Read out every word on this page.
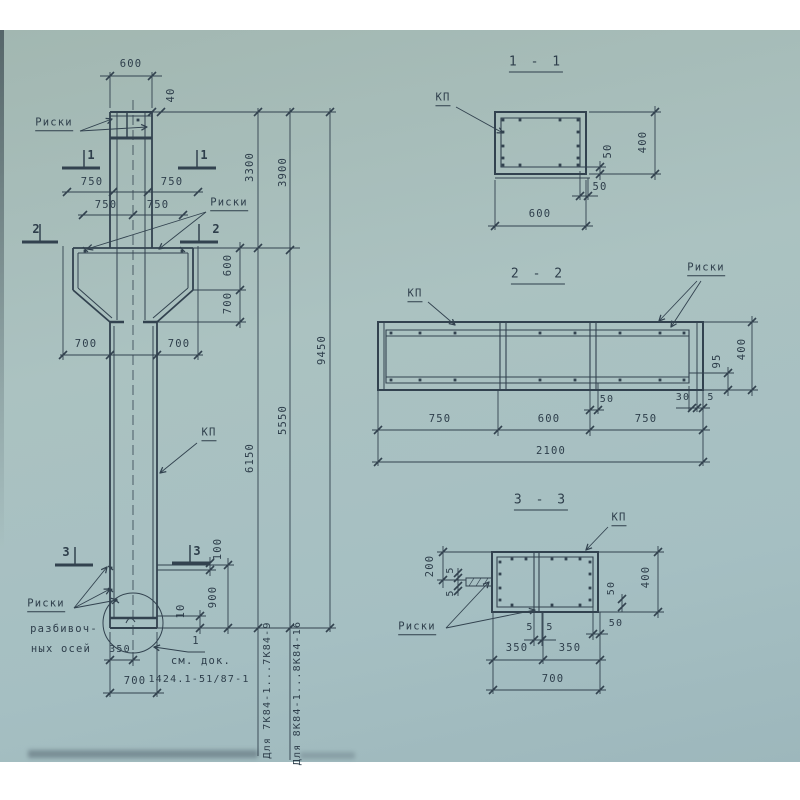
600
40
Риски
1	1
750	750
750	750	Риски
2	2
3300 3900
600
700
700	700
КП
9450
6150
5550
3	3 100
900
10
Риски
разбивоч-
ных осей 350
700
1
см. док.
1424.1-51/87-1 Для 7К84-1...7К84-9 Для 8К84-1...8К84-16
1 - 1
КП
50 400
50
600
2 - 2	Риски
КП
95
400
30 5
50
750	600	750
2100
3 - 3
КП
200 5
5
5 5
50 400
50
Риски
350	350
700
